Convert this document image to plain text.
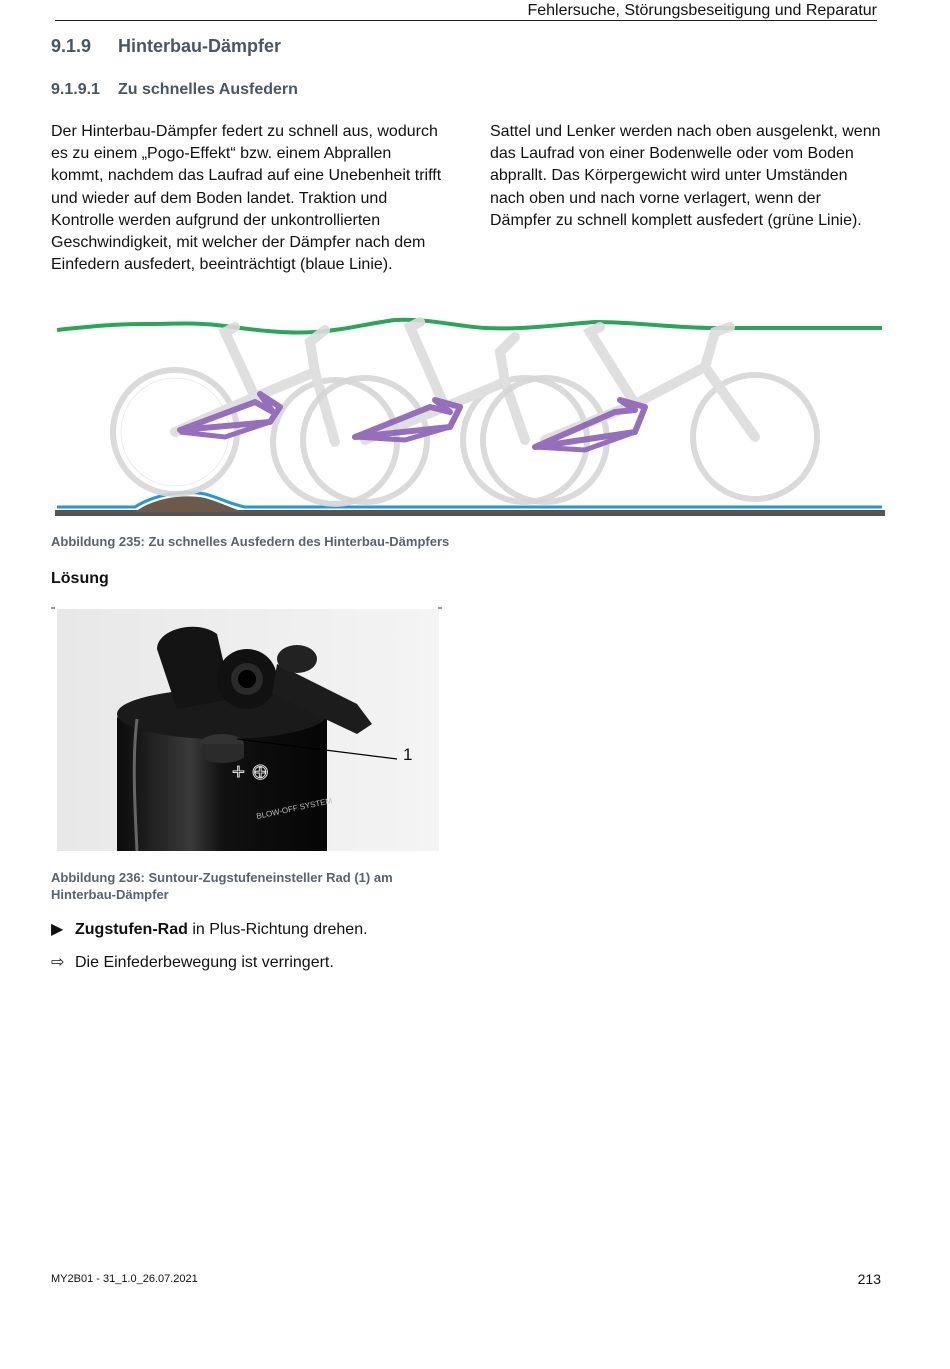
Fehlersuche, Störungsbeseitigung und Reparatur
9.1.9 Hinterbau-Dämpfer
9.1.9.1 Zu schnelles Ausfedern
Der Hinterbau-Dämpfer federt zu schnell aus, wodurch es zu einem „Pogo-Effekt“ bzw. einem Abprallen kommt, nachdem das Laufrad auf eine Unebenheit trifft und wieder auf dem Boden landet. Traktion und Kontrolle werden aufgrund der unkontrollierten Geschwindigkeit, mit welcher der Dämpfer nach dem Einfedern ausfedert, beeinträchtigt (blaue Linie).
Sattel und Lenker werden nach oben ausgelenkt, wenn das Laufrad von einer Bodenwelle oder vom Boden abprallt. Das Körpergewicht wird unter Umständen nach oben und nach vorne verlagert, wenn der Dämpfer zu schnell komplett ausfedert (grüne Linie).
Abbildung 235: Zu schnelles Ausfedern des Hinterbau-Dämpfers
Lösung
+ ⊕
BLOW-OFF SYSTEM
1
Abbildung 236: Suntour-Zugstufeneinsteller Rad (1) am Hinterbau-Dämpfer
▶ Zugstufen-Rad in Plus-Richtung drehen.
⇨ Die Einfederbewegung ist verringert.
MY2B01 - 31_1.0_26.07.2021	213
